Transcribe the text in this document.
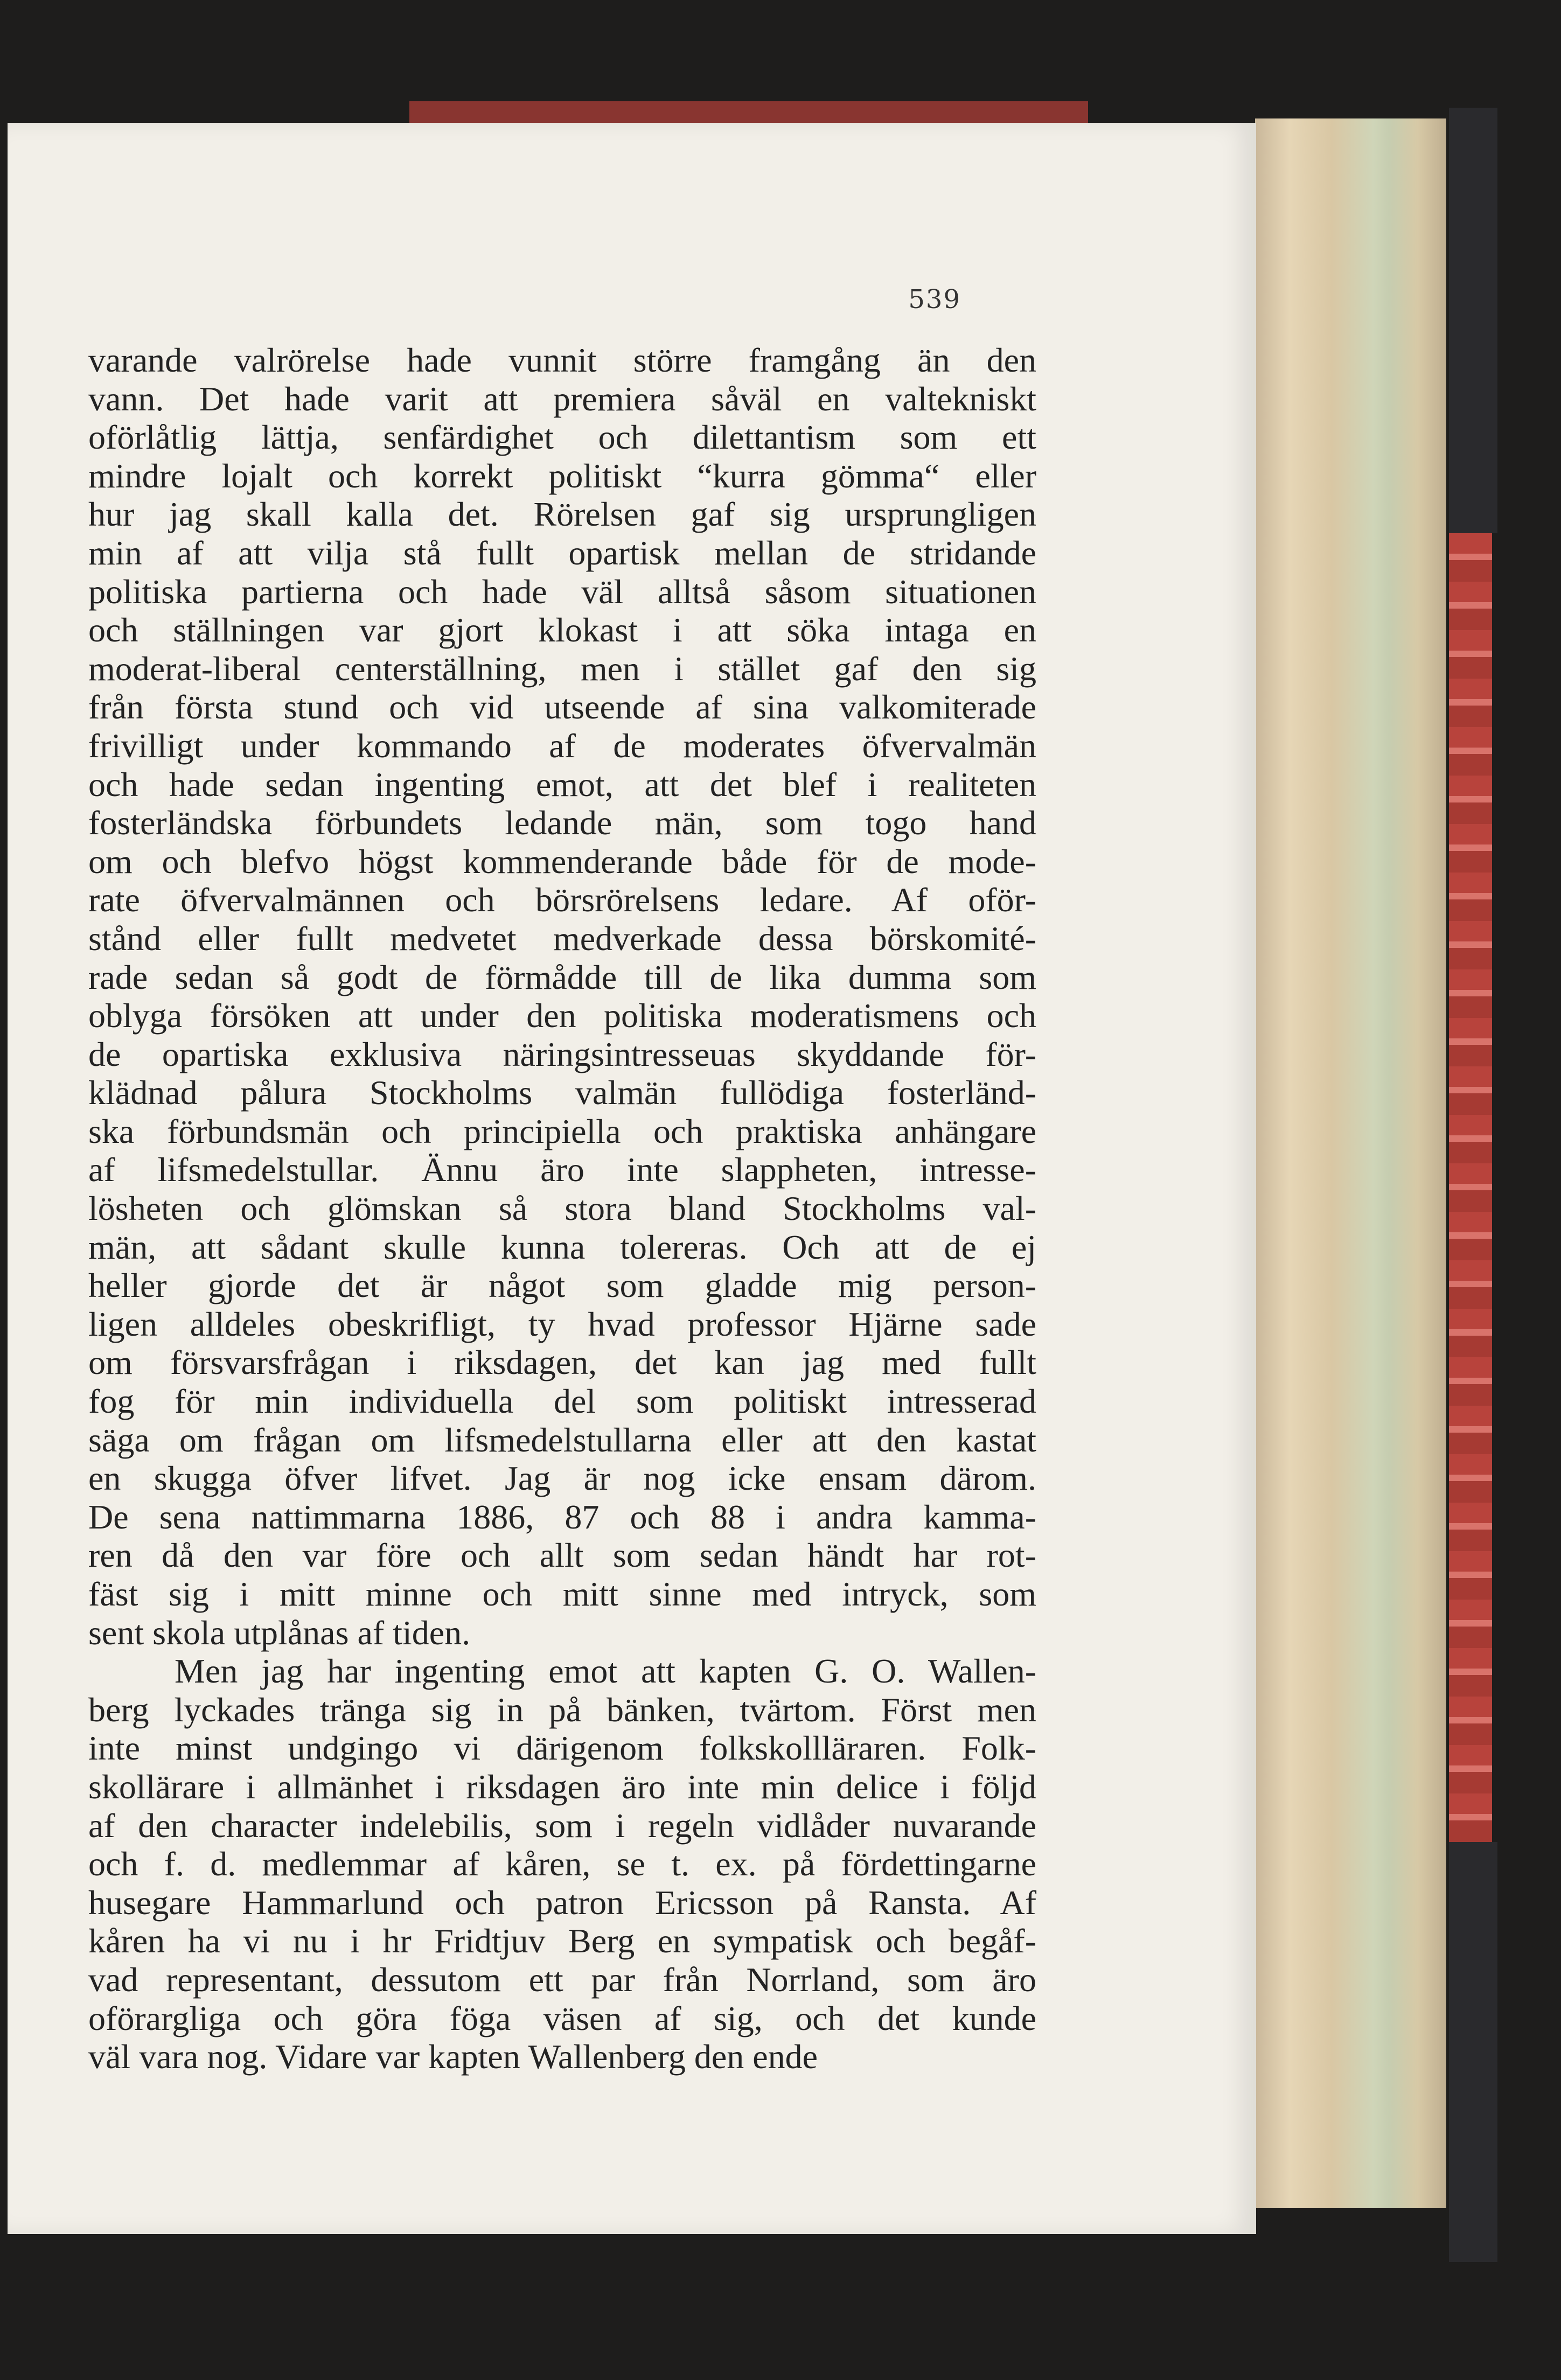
539
varande valrörelse hade vunnit större framgång än den
vann. Det hade varit att premiera såväl en valtekniskt
oförlåtlig lättja, senfärdighet och dilettantism som ett
mindre lojalt och korrekt politiskt “kurra gömma“ eller
hur jag skall kalla det. Rörelsen gaf sig ursprungligen
min af att vilja stå fullt opartisk mellan de stridande
politiska partierna och hade väl alltså såsom situationen
och ställningen var gjort klokast i att söka intaga en
moderat-liberal centerställning, men i stället gaf den sig
från första stund och vid utseende af sina valkomiterade
frivilligt under kommando af de moderates öfvervalmän
och hade sedan ingenting emot, att det blef i realiteten
fosterländska förbundets ledande män, som togo hand
om och blefvo högst kommenderande både för de mode-
rate öfvervalmännen och börsrörelsens ledare. Af oför-
stånd eller fullt medvetet medverkade dessa börskomité-
rade sedan så godt de förmådde till de lika dumma som
oblyga försöken att under den politiska moderatismens och
de opartiska exklusiva näringsintresseuas skyddande för-
klädnad pålura Stockholms valmän fullödiga fosterländ-
ska förbundsmän och principiella och praktiska anhängare
af lifsmedelstullar. Ännu äro inte slappheten, intresse-
lösheten och glömskan så stora bland Stockholms val-
män, att sådant skulle kunna tolereras. Och att de ej
heller gjorde det är något som gladde mig person-
ligen alldeles obeskrifligt, ty hvad professor Hjärne sade
om försvarsfrågan i riksdagen, det kan jag med fullt
fog för min individuella del som politiskt intresserad
säga om frågan om lifsmedelstullarna eller att den kastat
en skugga öfver lifvet. Jag är nog icke ensam därom.
De sena nattimmarna 1886, 87 och 88 i andra kamma-
ren då den var före och allt som sedan händt har rot-
fäst sig i mitt minne och mitt sinne med intryck, som
sent skola utplånas af tiden.
Men jag har ingenting emot att kapten G. O. Wallen-
berg lyckades tränga sig in på bänken, tvärtom. Först men
inte minst undgingo vi därigenom folkskollläraren. Folk-
skollärare i allmänhet i riksdagen äro inte min delice i följd
af den character indelebilis, som i regeln vidlåder nuvarande
och f. d. medlemmar af kåren, se t. ex. på fördettingarne
husegare Hammarlund och patron Ericsson på Ransta. Af
kåren ha vi nu i hr Fridtjuv Berg en sympatisk och begåf-
vad representant, dessutom ett par från Norrland, som äro
oförargliga och göra föga väsen af sig, och det kunde
väl vara nog. Vidare var kapten Wallenberg den ende
